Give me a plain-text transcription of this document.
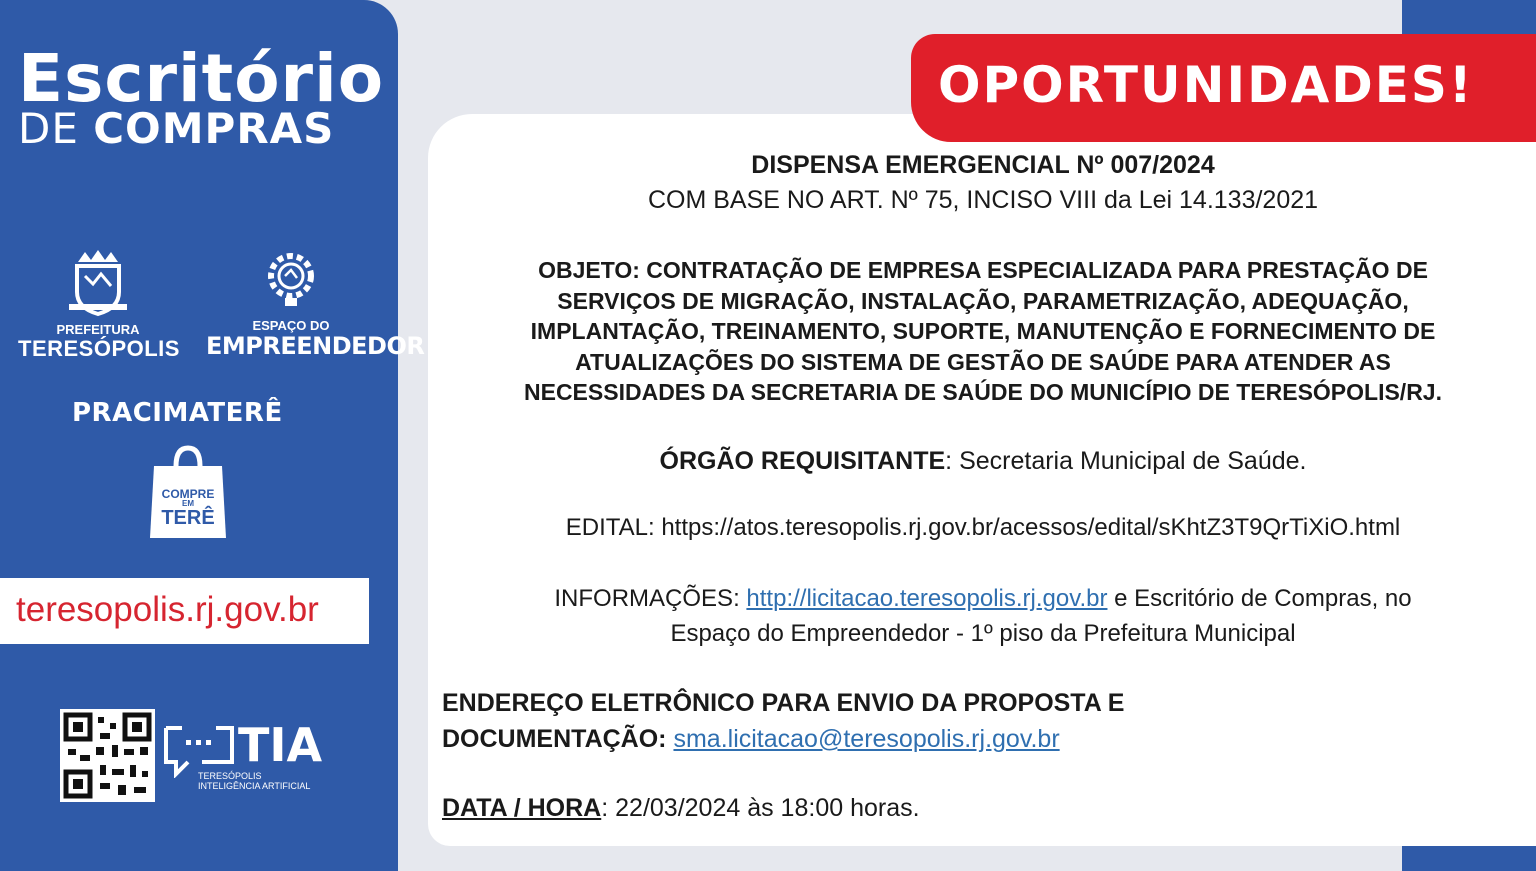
Escritório
DE COMPRAS
PREFEITURA
TERESÓPOLIS
ESPAÇO DO
EMPREENDEDOR
PRACIMATERÊ
COMPRE
EM
TERÊ
teresopolis.rj.gov.br
TIA
TERESÓPOLIS
INTELIGÊNCIA ARTIFICIAL
OPORTUNIDADES!
DISPENSA EMERGENCIAL Nº 007/2024
COM BASE NO ART. Nº 75, INCISO VIII da Lei 14.133/2021
OBJETO: CONTRATAÇÃO DE EMPRESA ESPECIALIZADA PARA PRESTAÇÃO DE
SERVIÇOS DE MIGRAÇÃO, INSTALAÇÃO, PARAMETRIZAÇÃO, ADEQUAÇÃO,
IMPLANTAÇÃO, TREINAMENTO, SUPORTE, MANUTENÇÃO E FORNECIMENTO DE
ATUALIZAÇÕES DO SISTEMA DE GESTÃO DE SAÚDE PARA ATENDER AS
NECESSIDADES DA SECRETARIA DE SAÚDE DO MUNICÍPIO DE TERESÓPOLIS/RJ.
ÓRGÃO REQUISITANTE: Secretaria Municipal de Saúde.
EDITAL: https://atos.teresopolis.rj.gov.br/acessos/edital/sKhtZ3T9QrTiXiO.html
INFORMAÇÕES: http://licitacao.teresopolis.rj.gov.br e Escritório de Compras, no
Espaço do Empreendedor - 1º piso da Prefeitura Municipal
ENDEREÇO ELETRÔNICO PARA ENVIO DA PROPOSTA E
DOCUMENTAÇÃO: sma.licitacao@teresopolis.rj.gov.br
DATA / HORA: 22/03/2024 às 18:00 horas.
